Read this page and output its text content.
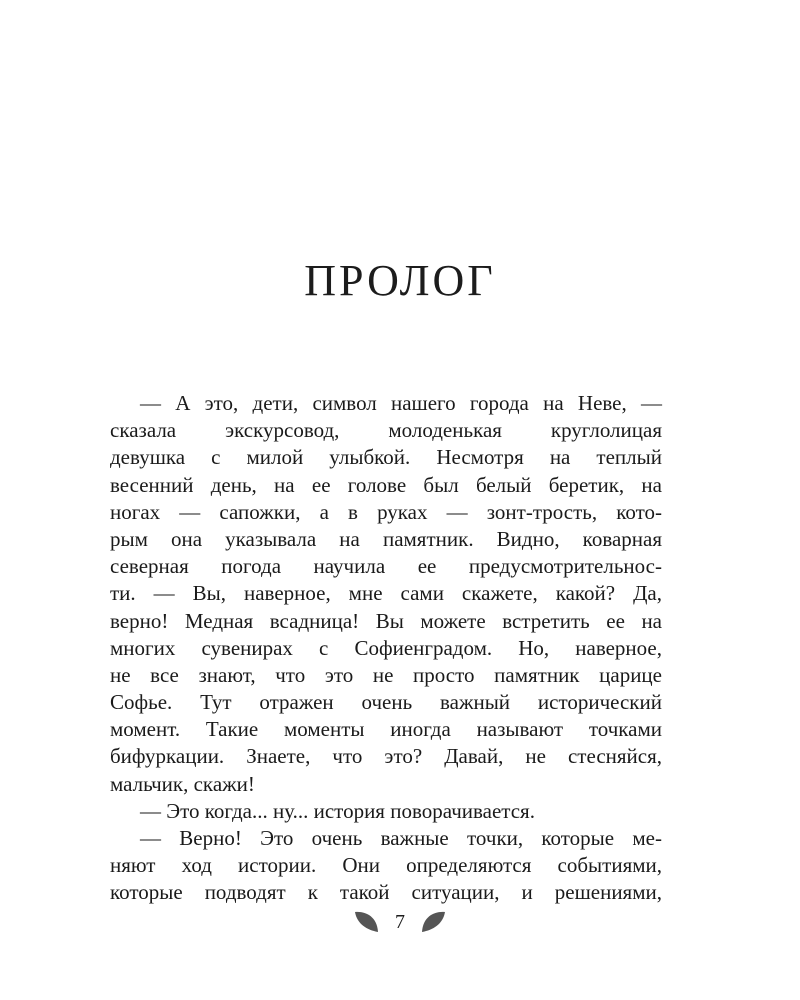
ПРОЛОГ
— А это, дети, символ нашего города на Неве, —
сказала экскурсовод, молоденькая круглолицая
девушка с милой улыбкой. Несмотря на теплый
весенний день, на ее голове был белый беретик, на
ногах — сапожки, а в руках — зонт-трость, кото-
рым она указывала на памятник. Видно, коварная
северная погода научила ее предусмотрительнос-
ти. — Вы, наверное, мне сами скажете, какой? Да,
верно! Медная всадница! Вы можете встретить ее на
многих сувенирах с Софиенградом. Но, наверное,
не все знают, что это не просто памятник царице
Софье. Тут отражен очень важный исторический
момент. Такие моменты иногда называют точками
бифуркации. Знаете, что это? Давай, не стесняйся,
мальчик, скажи!
— Это когда... ну... история поворачивается.
— Верно! Это очень важные точки, которые ме-
няют ход истории. Они определяются событиями,
которые подводят к такой ситуации, и решениями,
7
